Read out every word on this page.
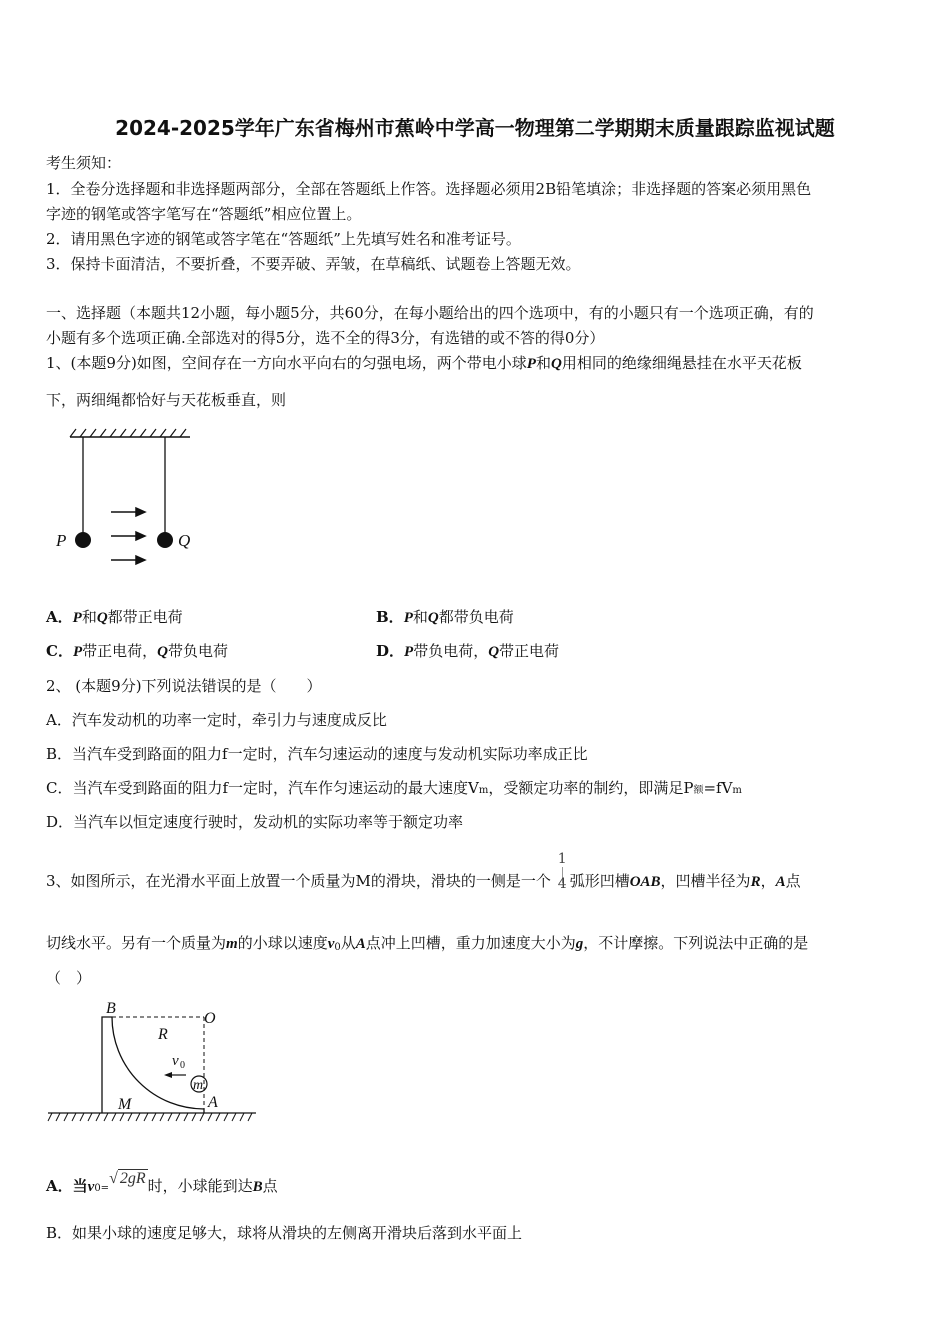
2024-2025学年广东省梅州市蕉岭中学高一物理第二学期期末质量跟踪监视试题
考生须知：
1．全卷分选择题和非选择题两部分，全部在答题纸上作答。选择题必须用2B铅笔填涂；非选择题的答案必须用黑色
字迹的钢笔或答字笔写在“答题纸”相应位置上。
2．请用黑色字迹的钢笔或答字笔在“答题纸”上先填写姓名和准考证号。
3．保持卡面清洁，不要折叠，不要弄破、弄皱，在草稿纸、试题卷上答题无效。
一、选择题（本题共12小题，每小题5分，共60分，在每小题给出的四个选项中，有的小题只有一个选项正确，有的
小题有多个选项正确.全部选对的得5分，选不全的得3分，有选错的或不答的得0分）
1、(本题9分)如图，空间存在一方向水平向右的匀强电场，两个带电小球P和Q用相同的绝缘细绳悬挂在水平天花板
下，两细绳都恰好与天花板垂直，则
P	Q
A．P和Q都带正电荷	B．P和Q都带负电荷
C．P带正电荷，Q带负电荷	D．P带负电荷，Q带正电荷
2、 (本题9分)下列说法错误的是（　　）
A．汽车发动机的功率一定时，牵引力与速度成反比
B．当汽车受到路面的阻力f一定时，汽车匀速运动的速度与发动机实际功率成正比
C．当汽车受到路面的阻力f一定时，汽车作匀速运动的最大速度Vm，受额定功率的制约，即满足P额=fVm
D．当汽车以恒定速度行驶时，发动机的实际功率等于额定功率
3、如图所示，在光滑水平面上放置一个质量为M的滑块，滑块的一侧是一个
1
4 弧形凹槽OAB，凹槽半径为R，A点
切线水平。另有一个质量为m的小球以速度$v_0$从A点冲上凹槽，重力加速度大小为g，不计摩擦。下列说法中正确的是
（　）
B
O
R
v 0
m
M	A
A．当v0=√ 2gR 时，小球能到达B点
B．如果小球的速度足够大，球将从滑块的左侧离开滑块后落到水平面上
